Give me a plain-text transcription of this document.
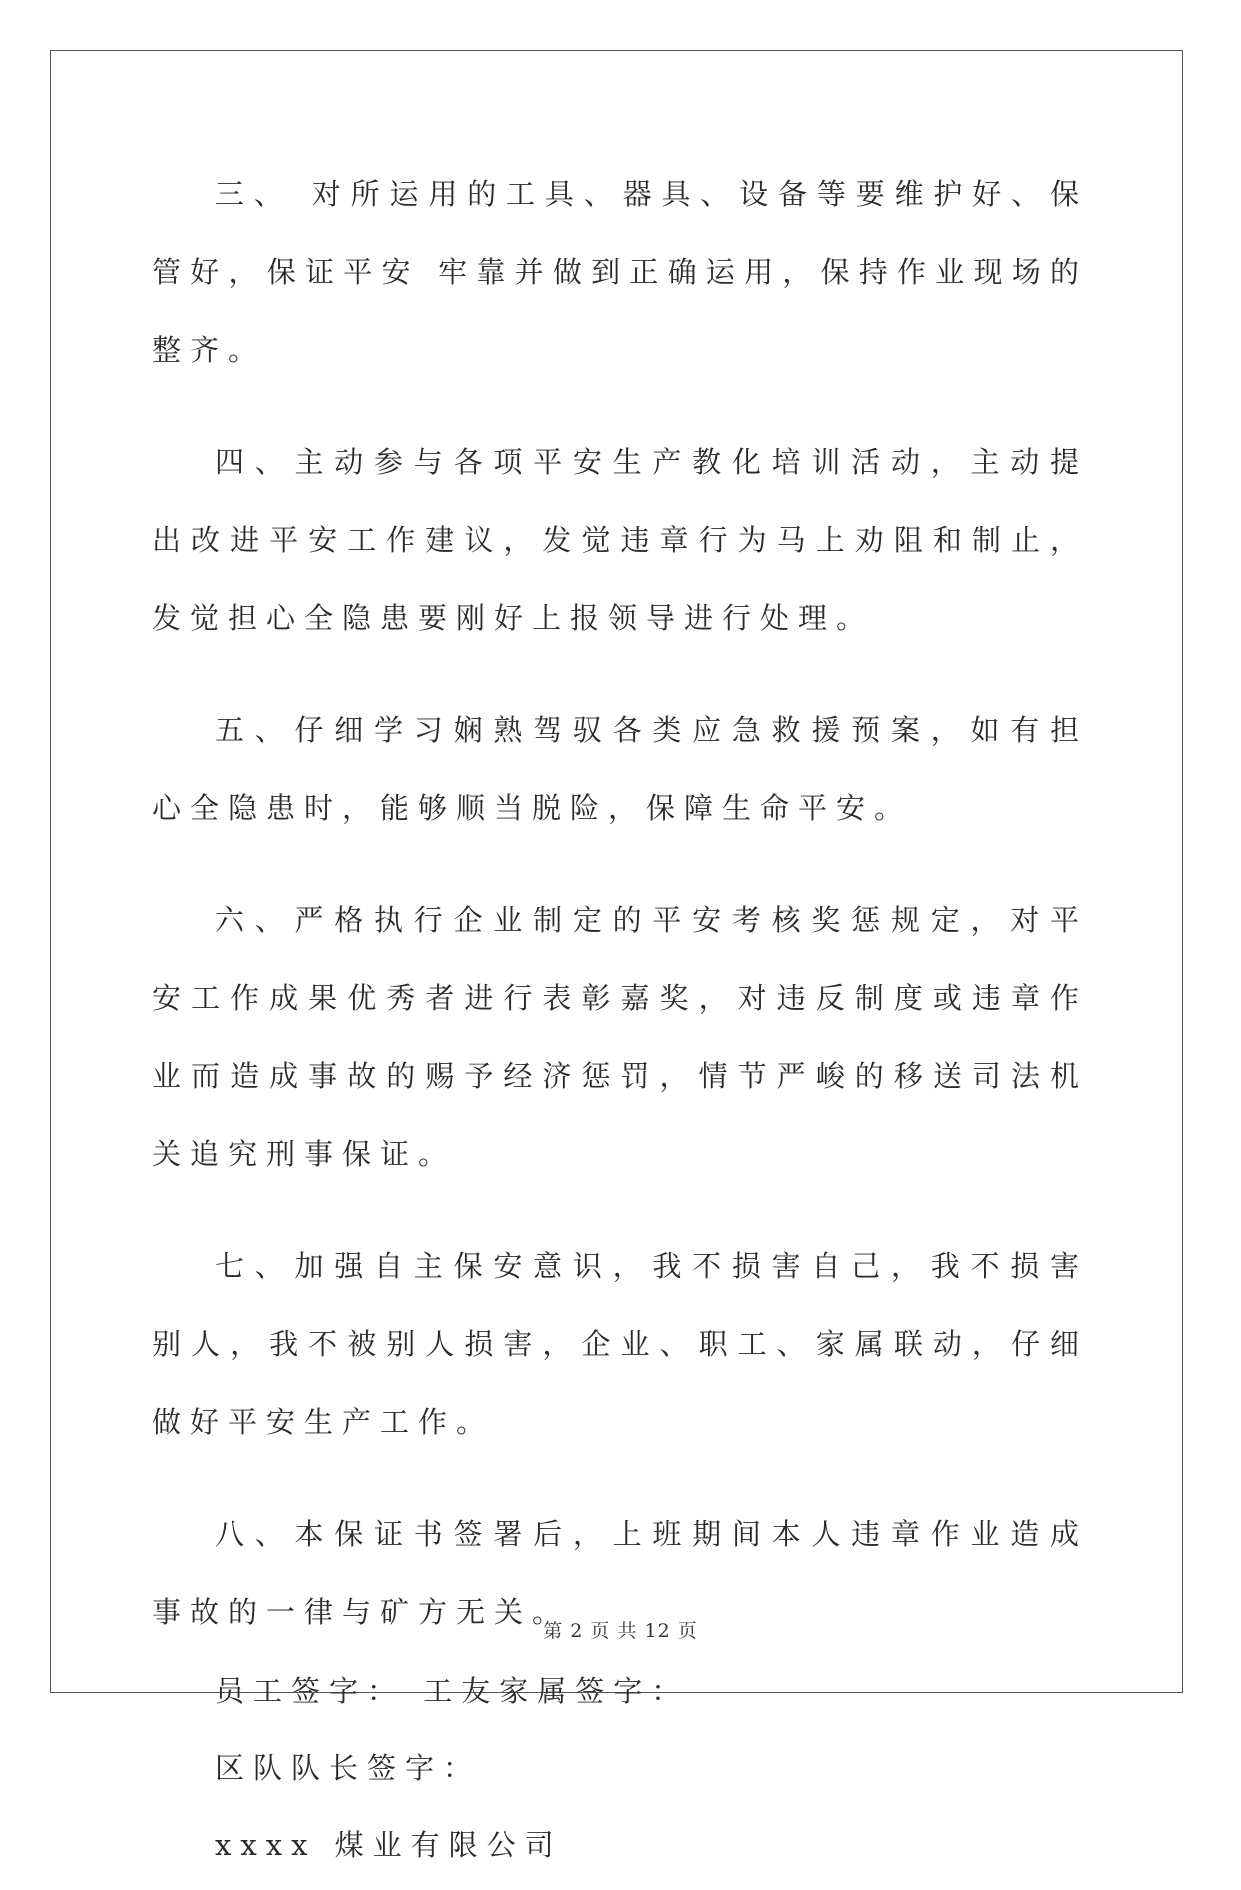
三、 对所运用的工具、器具、设备等要维护好、保管好，保证平安 牢靠并做到正确运用，保持作业现场的整齐。

四、主动参与各项平安生产教化培训活动，主动提出改进平安工作建议，发觉违章行为马上劝阻和制止，发觉担心全隐患要刚好上报领导进行处理。

五、仔细学习娴熟驾驭各类应急救援预案，如有担心全隐患时，能够顺当脱险，保障生命平安。

六、严格执行企业制定的平安考核奖惩规定，对平安工作成果优秀者进行表彰嘉奖，对违反制度或违章作业而造成事故的赐予经济惩罚，情节严峻的移送司法机关追究刑事保证。

七、加强自主保安意识，我不损害自己，我不损害别人，我不被别人损害，企业、职工、家属联动，仔细做好平安生产工作。

八、本保证书签署后，上班期间本人违章作业造成事故的一律与矿方无关。

员工签字： 工友家属签字：
区队队长签字：
xxxx 煤业有限公司
第 2 页 共 12 页
